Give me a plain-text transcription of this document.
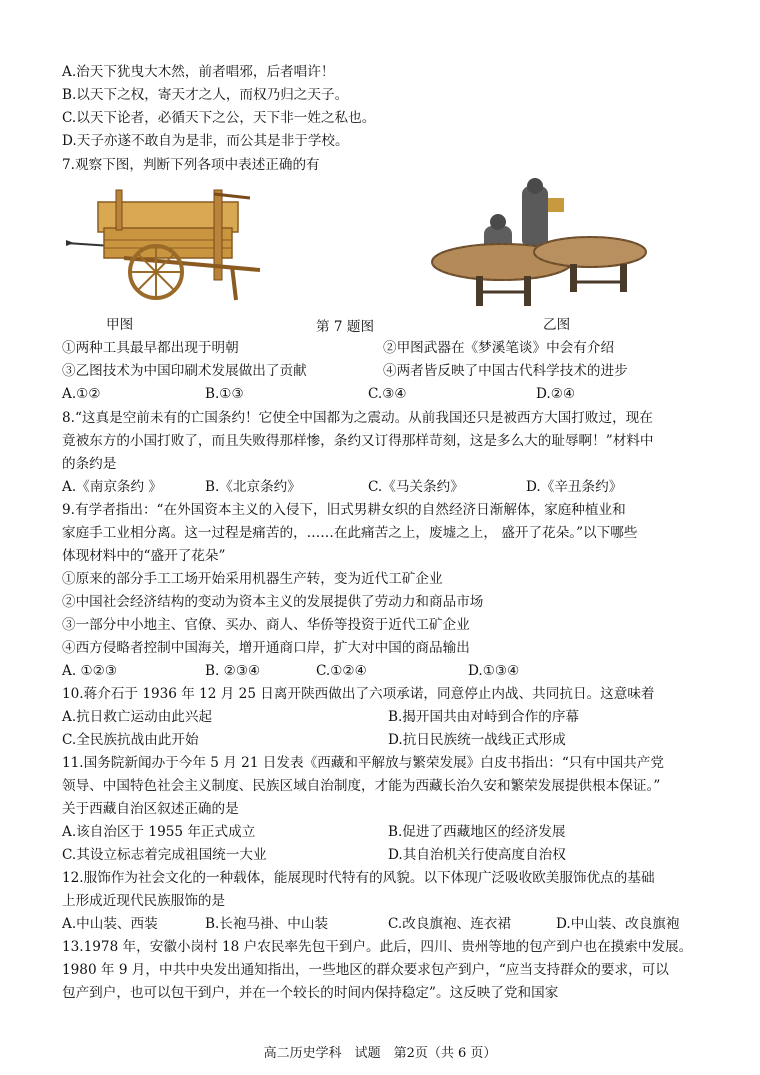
A.治天下犹曳大木然，前者唱邪，后者唱许！
B.以天下之权，寄天才之人，而权乃归之天子。
C.以天下论者，必循天下之公，天下非一姓之私也。
D.天子亦遂不敢自为是非，而公其是非于学校。
7.观察下图，判断下列各项中表述正确的有
甲图	第 7 题图	乙图
①两种工具最早都出现于明朝	②甲图武器在《梦溪笔谈》中会有介绍
③乙图技术为中国印刷术发展做出了贡献	④两者皆反映了中国古代科学技术的进步
A.①②	B.①③	C.③④	D.②④
8.“这真是空前未有的亡国条约！它使全中国都为之震动。从前我国还只是被西方大国打败过，现在
竟被东方的小国打败了，而且失败得那样惨，条约又订得那样苛刻，这是多么大的耻辱啊！”材料中
的条约是
A.《南京条约 》	B.《北京条约》	C.《马关条约》	D.《辛丑条约》
9.有学者指出：“在外国资本主义的入侵下，旧式男耕女织的自然经济日渐解体，家庭种植业和
家庭手工业相分离。这一过程是痛苦的，……在此痛苦之上，废墟之上， 盛开了花朵。”以下哪些
体现材料中的“盛开了花朵”
①原来的部分手工工场开始采用机器生产转，变为近代工矿企业
②中国社会经济结构的变动为资本主义的发展提供了劳动力和商品市场
③一部分中小地主、官僚、买办、商人、华侨等投资于近代工矿企业
④西方侵略者控制中国海关，增开通商口岸，扩大对中国的商品输出
A. ①②③	B. ②③④	C.①②④	D.①③④
10.蒋介石于 1936 年 12 月 25 日离开陕西做出了六项承诺，同意停止内战、共同抗日。这意味着
A.抗日救亡运动由此兴起	B.揭开国共由对峙到合作的序幕
C.全民族抗战由此开始	D.抗日民族统一战线正式形成
11.国务院新闻办于今年 5 月 21 日发表《西藏和平解放与繁荣发展》白皮书指出：“只有中国共产党
领导、中国特色社会主义制度、民族区域自治制度，才能为西藏长治久安和繁荣发展提供根本保证。”
关于西藏自治区叙述正确的是
A.该自治区于 1955 年正式成立	B.促进了西藏地区的经济发展
C.其设立标志着完成祖国统一大业	D.其自治机关行使高度自治权
12.服饰作为社会文化的一种载体，能展现时代特有的风貌。以下体现广泛吸收欧美服饰优点的基础
上形成近现代民族服饰的是
A.中山装、西装	B.长袍马褂、中山装	C.改良旗袍、连衣裙	D.中山装、改良旗袍
13.1978 年，安徽小岗村 18 户农民率先包干到户。此后，四川、贵州等地的包产到户也在摸索中发展。
1980 年 9 月，中共中央发出通知指出，一些地区的群众要求包产到户，“应当支持群众的要求，可以
包产到户，也可以包干到户，并在一个较长的时间内保持稳定”。这反映了党和国家
高二历史学科　试题　第2页（共 6 页）
